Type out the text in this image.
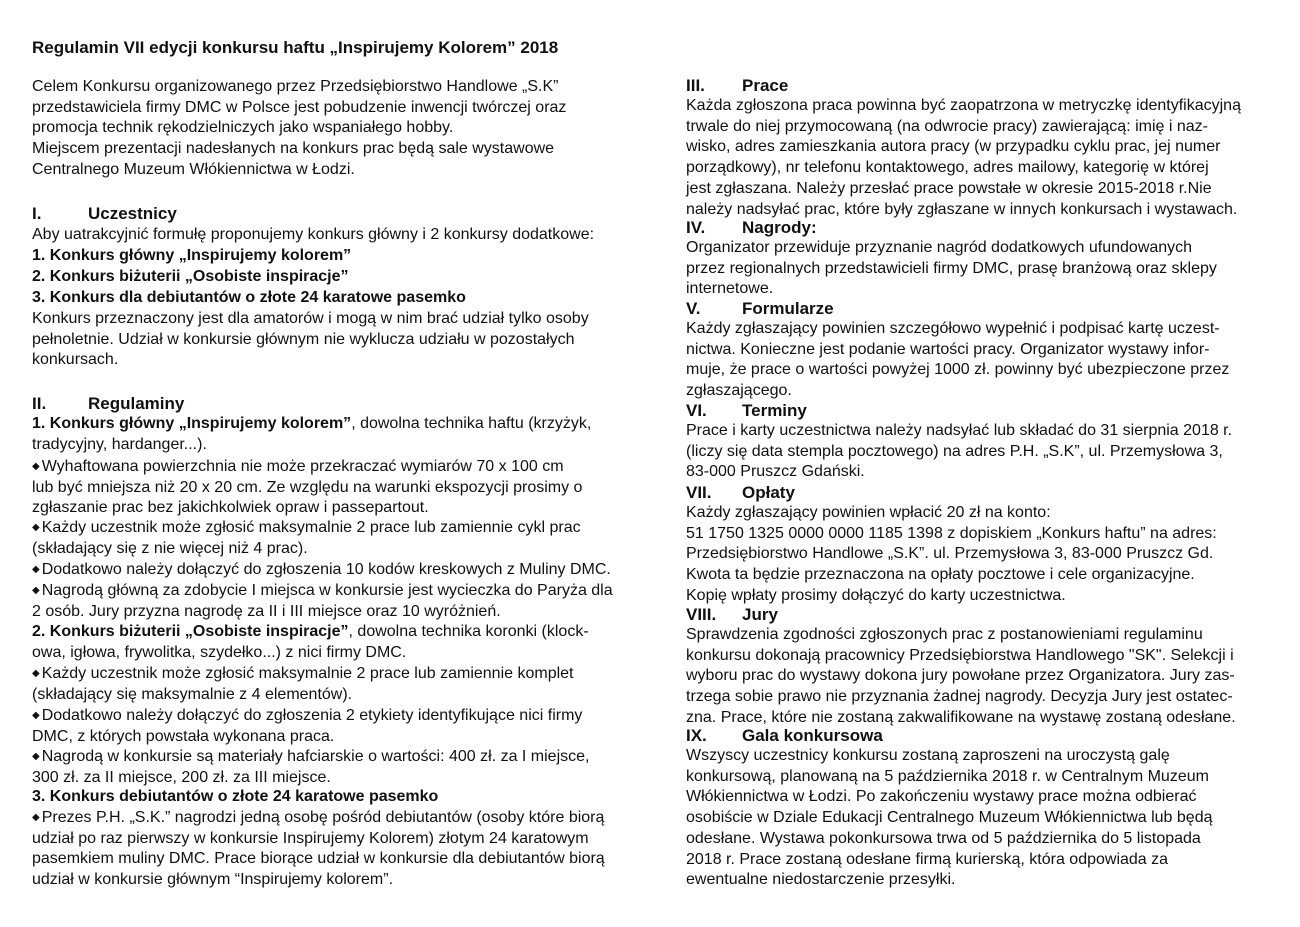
Regulamin VII edycji konkursu haftu „Inspirujemy Kolorem” 2018
Celem Konkursu organizowanego przez Przedsiębiorstwo Handlowe „S.K”
przedstawiciela firmy DMC w Polsce jest pobudzenie inwencji twórczej oraz
promocja technik rękodzielniczych jako wspaniałego hobby.
Miejscem prezentacji nadesłanych na konkurs prac będą sale wystawowe
Centralnego Muzeum Włókiennictwa w Łodzi.
I.	Uczestnicy
Aby uatrakcyjnić formułę proponujemy konkurs główny i 2 konkursy dodatkowe:
1. Konkurs główny „Inspirujemy kolorem”
2. Konkurs biżuterii „Osobiste inspiracje”
3. Konkurs dla debiutantów o złote 24 karatowe pasemko
Konkurs przeznaczony jest dla amatorów i mogą w nim brać udział tylko osoby
pełnoletnie. Udział w konkursie głównym nie wyklucza udziału w pozostałych
konkursach.
II. Regulaminy
1. Konkurs główny „Inspirujemy kolorem”, dowolna technika haftu (krzyżyk,
tradycyjny, hardanger...).
◆ Wyhaftowana powierzchnia nie może przekraczać wymiarów 70 x 100 cm
lub być mniejsza niż 20 x 20 cm. Ze względu na warunki ekspozycji prosimy o
zgłaszanie prac bez jakichkolwiek opraw i passepartout.
◆ Każdy uczestnik może zgłosić maksymalnie 2 prace lub zamiennie cykl prac
(składający się z nie więcej niż 4 prac).
◆ Dodatkowo należy dołączyć do zgłoszenia 10 kodów kreskowych z Muliny DMC.
◆ Nagrodą główną za zdobycie I miejsca w konkursie jest wycieczka do Paryża dla
2 osób. Jury przyzna nagrodę za II i III miejsce oraz 10 wyróżnień.
2. Konkurs biżuterii „Osobiste inspiracje”, dowolna technika koronki (klock-
owa, igłowa, frywolitka, szydełko...) z nici firmy DMC.
◆ Każdy uczestnik może zgłosić maksymalnie 2 prace lub zamiennie komplet
(składający się maksymalnie z 4 elementów).
◆ Dodatkowo należy dołączyć do zgłoszenia 2 etykiety identyfikujące nici firmy
DMC, z których powstała wykonana praca.
◆ Nagrodą w konkursie są materiały hafciarskie o wartości: 400 zł. za I miejsce,
300 zł. za II miejsce, 200 zł. za III miejsce.
3. Konkurs debiutantów o złote 24 karatowe pasemko
◆ Prezes P.H. „S.K.” nagrodzi jedną osobę pośród debiutantów (osoby które biorą
udział po raz pierwszy w konkursie Inspirujemy Kolorem) złotym 24 karatowym
pasemkiem muliny DMC. Prace biorące udział w konkursie dla debiutantów biorą
udział w konkursie głównym “Inspirujemy kolorem”.
III. Prace
Każda zgłoszona praca powinna być zaopatrzona w metryczkę identyfikacyjną
trwale do niej przymocowaną (na odwrocie pracy) zawierającą: imię i naz-
wisko, adres zamieszkania autora pracy (w przypadku cyklu prac, jej numer
porządkowy), nr telefonu kontaktowego, adres mailowy, kategorię w której
jest zgłaszana. Należy przesłać prace powstałe w okresie 2015-2018 r.Nie
należy nadsyłać prac, które były zgłaszane w innych konkursach i wystawach.
IV. Nagrody:
Organizator przewiduje przyznanie nagród dodatkowych ufundowanych
przez regionalnych przedstawicieli firmy DMC, prasę branżową oraz sklepy
internetowe.
V. Formularze
Każdy zgłaszający powinien szczegółowo wypełnić i podpisać kartę uczest-
nictwa. Konieczne jest podanie wartości pracy. Organizator wystawy infor-
muje, że prace o wartości powyżej 1000 zł. powinny być ubezpieczone przez
zgłaszającego.
VI. Terminy
Prace i karty uczestnictwa należy nadsyłać lub składać do 31 sierpnia 2018 r.
(liczy się data stempla pocztowego) na adres P.H. „S.K”, ul. Przemysłowa 3,
83-000 Pruszcz Gdański.
VII. Opłaty
Każdy zgłaszający powinien wpłacić 20 zł na konto:
51 1750 1325 0000 0000 1185 1398 z dopiskiem „Konkurs haftu” na adres:
Przedsiębiorstwo Handlowe „S.K”. ul. Przemysłowa 3, 83-000 Pruszcz Gd.
Kwota ta będzie przeznaczona na opłaty pocztowe i cele organizacyjne.
Kopię wpłaty prosimy dołączyć do karty uczestnictwa.
VIII. Jury
Sprawdzenia zgodności zgłoszonych prac z postanowieniami regulaminu
konkursu dokonają pracownicy Przedsiębiorstwa Handlowego "SK". Selekcji i
wyboru prac do wystawy dokona jury powołane przez Organizatora. Jury zas-
trzega sobie prawo nie przyznania żadnej nagrody. Decyzja Jury jest ostatec-
zna. Prace, które nie zostaną zakwalifikowane na wystawę zostaną odesłane.
IX. Gala konkursowa
Wszyscy uczestnicy konkursu zostaną zaproszeni na uroczystą galę
konkursową, planowaną na 5 października 2018 r. w Centralnym Muzeum
Włókiennictwa w Łodzi. Po zakończeniu wystawy prace można odbierać
osobiście w Dziale Edukacji Centralnego Muzeum Włókiennictwa lub będą
odesłane. Wystawa pokonkursowa trwa od 5 października do 5 listopada
2018 r. Prace zostaną odesłane firmą kurierską, która odpowiada za
ewentualne niedostarczenie przesyłki.
